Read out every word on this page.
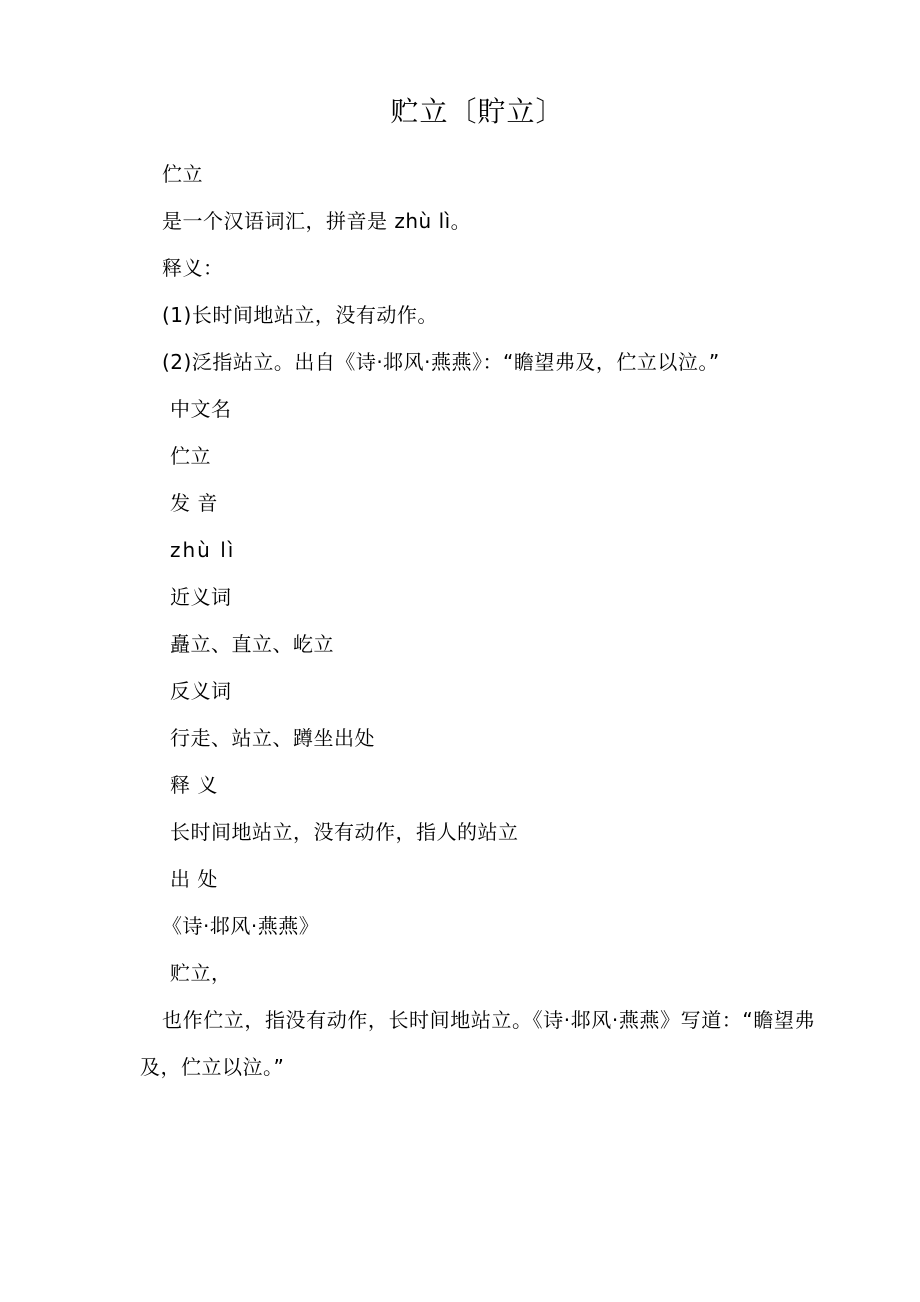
贮立〔貯立〕

伫立

是一个汉语词汇，拼音是 zhù lì。

释义：

(1)长时间地站立，没有动作。

(2)泛指站立。出自《诗·邶风·燕燕》：“瞻望弗及，伫立以泣。”

中文名

伫立

发 音

zhù lì

近义词

矗立、直立、屹立

反义词

行走、站立、蹲坐出处

释 义

长时间地站立，没有动作，指人的站立

出 处

《诗·邶风·燕燕》

贮立，

也作伫立，指没有动作，长时间地站立。《诗·邶风·燕燕》写道：“瞻望弗及，伫立以泣。”
